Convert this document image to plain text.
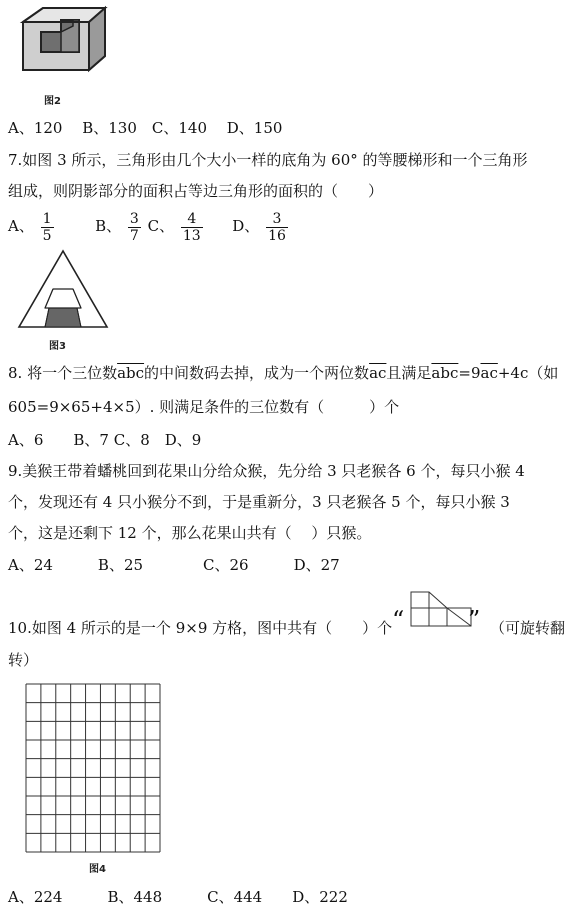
图2
A、120　 B、130　C、140　 D、150
7.如图 3 所示，三角形由几个大小一样的底角为 60° 的等腰梯形和一个三角形
组成，则阴影部分的面积占等边三角形的面积的（　　）
A、 $\frac{1}{5}$	B、 $\frac{3}{7}$ C、 $\frac{4}{13}$ D、 $\frac{3}{16}$
图3
8. 将一个三位数$\overline{abc}$的中间数码去掉，成为一个两位数$\overline{ac}$且满足$\overline{abc}=9\overline{ac}+4c$（如
605=9×65+4×5）. 则满足条件的三位数有（　　　）个
A、6　　B、7 C、8　D、9
9.美猴王带着蟠桃回到花果山分给众猴，先分给 3 只老猴各 6 个，每只小猴 4
个，发现还有 4 只小猴分不到，于是重新分，3 只老猴各 5 个，每只小猴 3
个，这是还剩下 12 个，那么花果山共有（　 ）只猴。
A、24　　　B、25　　　　C、26　　　D、27
10.如图 4 所示的是一个 9×9 方格，图中共有（　　）个 “	” （可旋转翻
转）
图4
A、224　　　B、448　　　C、444　　D、222
